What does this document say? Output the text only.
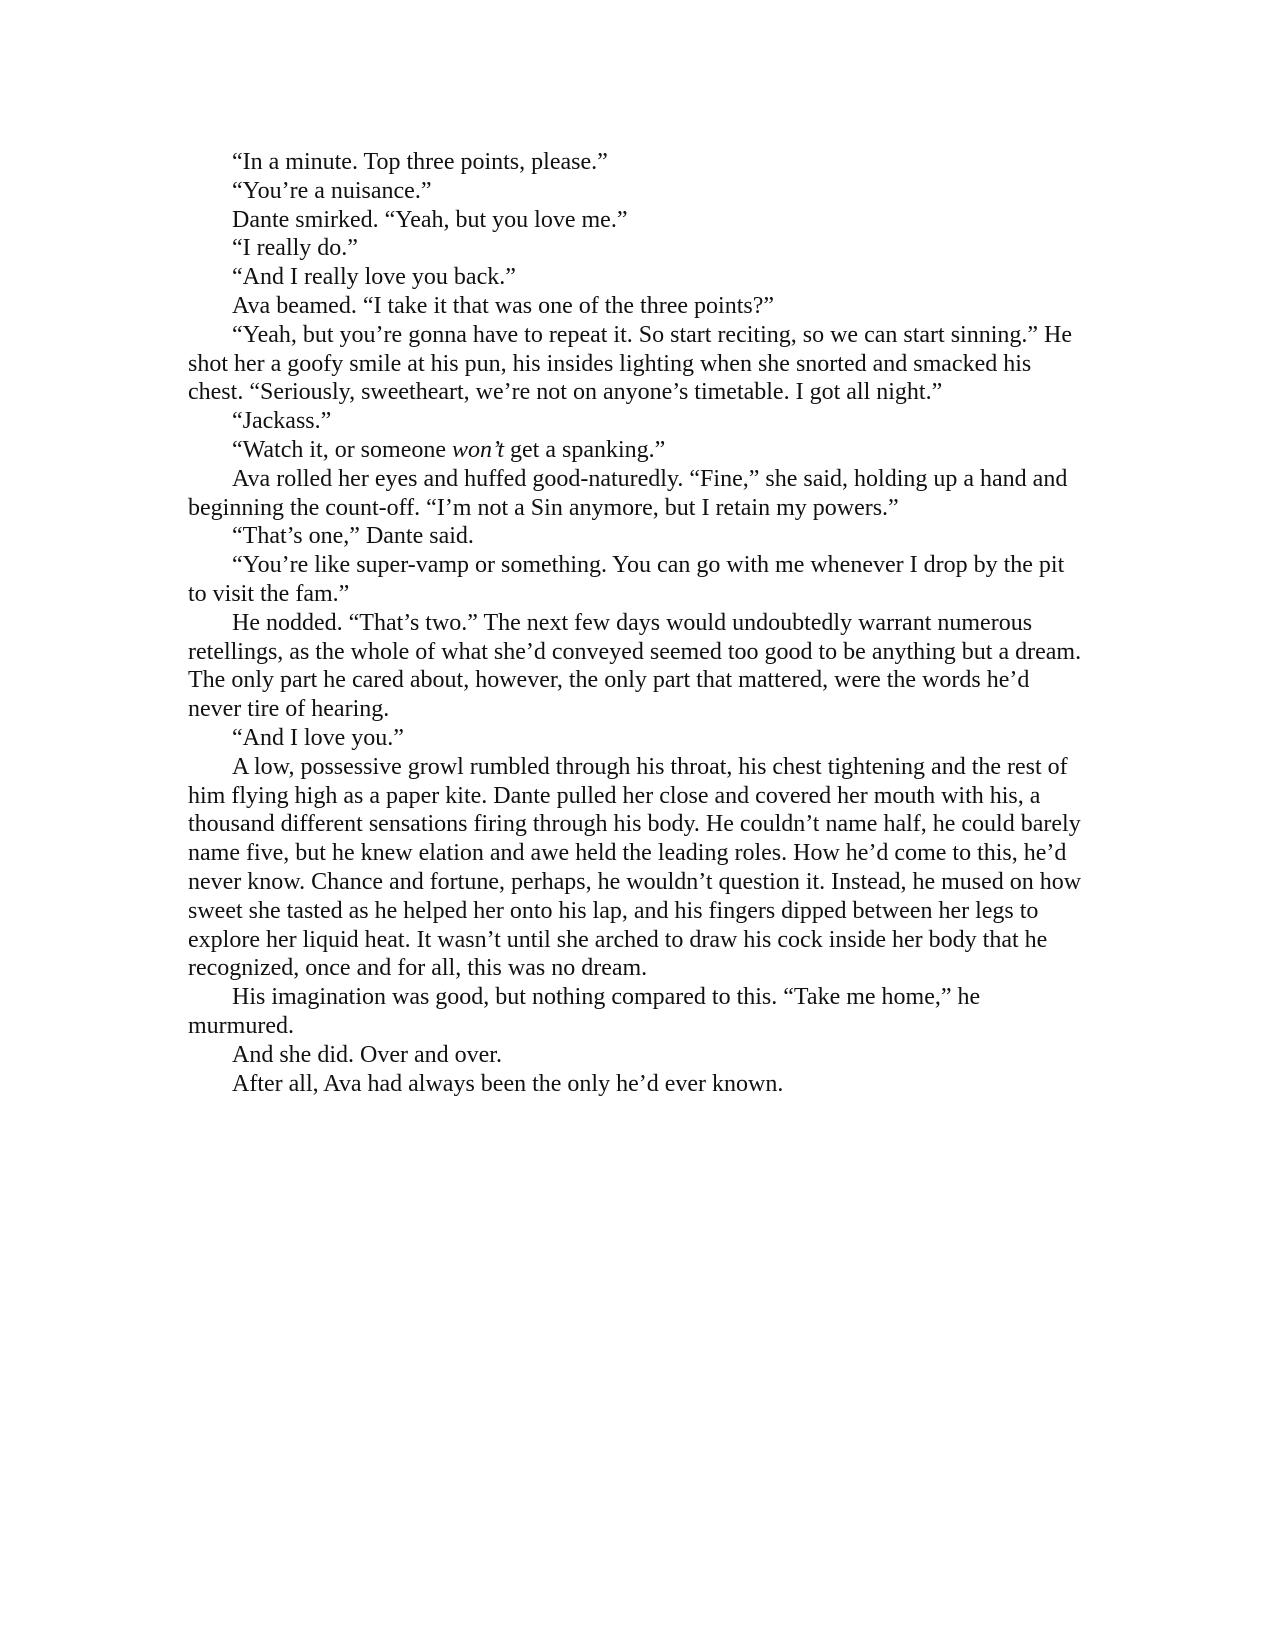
“In a minute. Top three points, please.”

“You’re a nuisance.”

Dante smirked. “Yeah, but you love me.”

“I really do.”

“And I really love you back.”

Ava beamed. “I take it that was one of the three points?”

“Yeah, but you’re gonna have to repeat it. So start reciting, so we can start sinning.” He shot her a goofy smile at his pun, his insides lighting when she snorted and smacked his chest. “Seriously, sweetheart, we’re not on anyone’s timetable. I got all night.”

“Jackass.”

“Watch it, or someone won’t get a spanking.”

Ava rolled her eyes and huffed good-naturedly. “Fine,” she said, holding up a hand and beginning the count-off. “I’m not a Sin anymore, but I retain my powers.”

“That’s one,” Dante said.

“You’re like super-vamp or something. You can go with me whenever I drop by the pit to visit the fam.”

He nodded. “That’s two.” The next few days would undoubtedly warrant numerous retellings, as the whole of what she’d conveyed seemed too good to be anything but a dream. The only part he cared about, however, the only part that mattered, were the words he’d never tire of hearing.

“And I love you.”

A low, possessive growl rumbled through his throat, his chest tightening and the rest of him flying high as a paper kite. Dante pulled her close and covered her mouth with his, a thousand different sensations firing through his body. He couldn’t name half, he could barely name five, but he knew elation and awe held the leading roles. How he’d come to this, he’d never know. Chance and fortune, perhaps, he wouldn’t question it. Instead, he mused on how sweet she tasted as he helped her onto his lap, and his fingers dipped between her legs to explore her liquid heat. It wasn’t until she arched to draw his cock inside her body that he recognized, once and for all, this was no dream.

His imagination was good, but nothing compared to this. “Take me home,” he murmured.

And she did. Over and over.

After all, Ava had always been the only he’d ever known.
